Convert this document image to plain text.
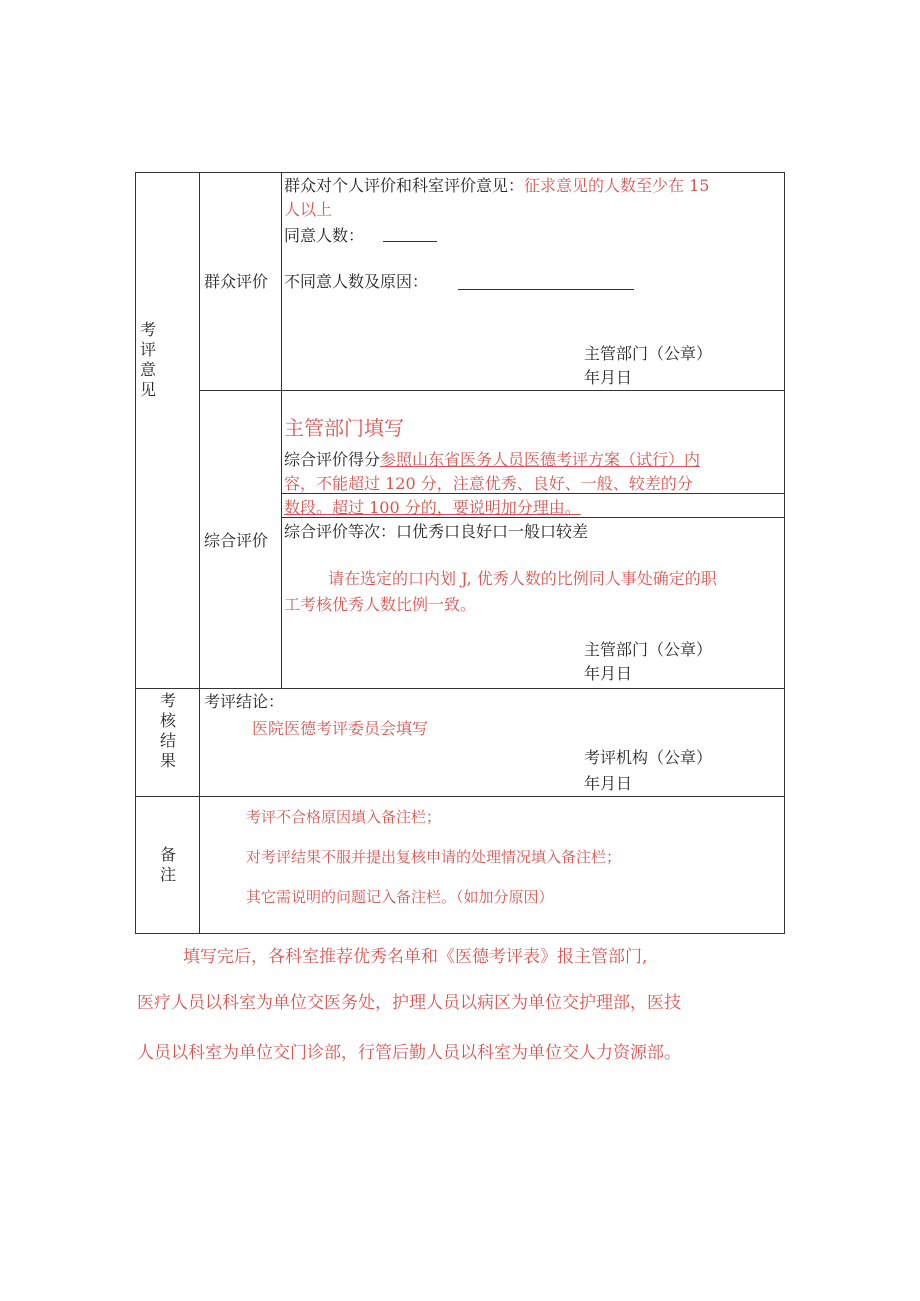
考
评
意
见
群众评价
群众对个人评价和科室评价意见：征求意见的人数至少在 15
人以上
同意人数：
不同意人数及原因：
主管部门（公章）
年月日
综合评价
主管部门填写
综合评价得分参照山东省医务人员医德考评方案（试行）内
容，不能超过 120 分，注意优秀、良好、一般、较差的分
数段。超过 100 分的，要说明加分理由。
综合评价等次：口优秀口良好口一般口较差
请在选定的口内划 J, 优秀人数的比例同人事处确定的职
工考核优秀人数比例一致。
主管部门（公章）
年月日
考
核
结
果
考评结论：
医院医德考评委员会填写
考评机构（公章）
年月日
备
注
考评不合格原因填入备注栏；
对考评结果不服并提出复核申请的处理情况填入备注栏；
其它需说明的问题记入备注栏。（如加分原因）
填写完后，各科室推荐优秀名单和《医德考评表》报主管部门,
医疗人员以科室为单位交医务处，护理人员以病区为单位交护理部，医技
人员以科室为单位交门诊部，行管后勤人员以科室为单位交人力资源部。
